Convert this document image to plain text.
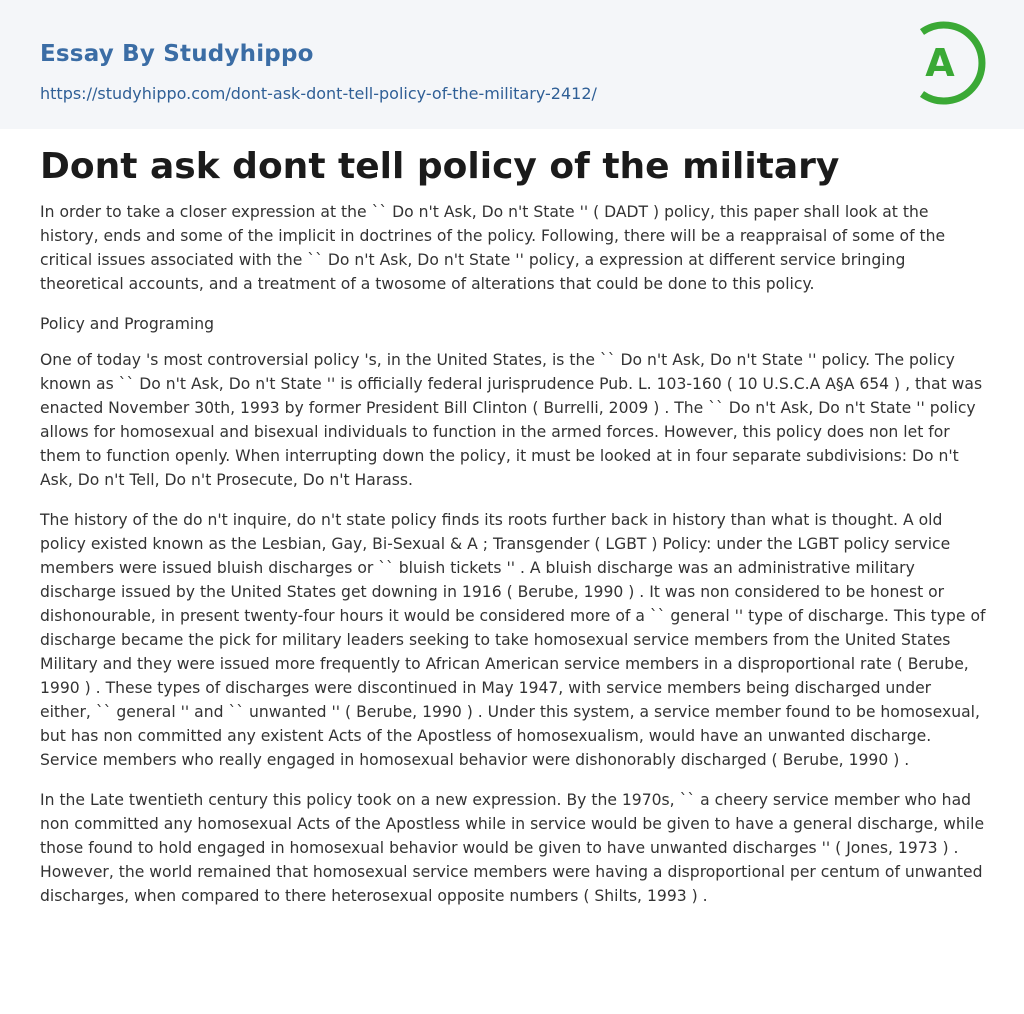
Essay By Studyhippo
https://studyhippo.com/dont-ask-dont-tell-policy-of-the-military-2412/
A
Dont ask dont tell policy of the military

In order to take a closer expression at the `` Do n't Ask, Do n't State '' ( DADT ) policy, this paper shall look at the history, ends and some of the implicit in doctrines of the policy. Following, there will be a reappraisal of some of the critical issues associated with the `` Do n't Ask, Do n't State '' policy, a expression at different service bringing theoretical accounts, and a treatment of a twosome of alterations that could be done to this policy.

Policy and Programing

One of today 's most controversial policy 's, in the United States, is the `` Do n't Ask, Do n't State '' policy. The policy known as `` Do n't Ask, Do n't State '' is officially federal jurisprudence Pub. L. 103-160 ( 10 U.S.C.A A§A 654 ) , that was enacted November 30th, 1993 by former President Bill Clinton ( Burrelli, 2009 ) . The `` Do n't Ask, Do n't State '' policy allows for homosexual and bisexual individuals to function in the armed forces. However, this policy does non let for them to function openly. When interrupting down the policy, it must be looked at in four separate subdivisions: Do n't Ask, Do n't Tell, Do n't Prosecute, Do n't Harass.

The history of the do n't inquire, do n't state policy finds its roots further back in history than what is thought. A old policy existed known as the Lesbian, Gay, Bi-Sexual & A ; Transgender ( LGBT ) Policy: under the LGBT policy service members were issued bluish discharges or `` bluish tickets '' . A bluish discharge was an administrative military discharge issued by the United States get downing in 1916 ( Berube, 1990 ) . It was non considered to be honest or dishonourable, in present twenty-four hours it would be considered more of a `` general '' type of discharge. This type of discharge became the pick for military leaders seeking to take homosexual service members from the United States Military and they were issued more frequently to African American service members in a disproportional rate ( Berube, 1990 ) . These types of discharges were discontinued in May 1947, with service members being discharged under either, `` general '' and `` unwanted '' ( Berube, 1990 ) . Under this system, a service member found to be homosexual, but has non committed any existent Acts of the Apostless of homosexualism, would have an unwanted discharge. Service members who really engaged in homosexual behavior were dishonorably discharged ( Berube, 1990 ) .

In the Late twentieth century this policy took on a new expression. By the 1970s, `` a cheery service member who had non committed any homosexual Acts of the Apostless while in service would be given to have a general discharge, while those found to hold engaged in homosexual behavior would be given to have unwanted discharges '' ( Jones, 1973 ) . However, the world remained that homosexual service members were having a disproportional per centum of unwanted discharges, when compared to there heterosexual opposite numbers ( Shilts, 1993 ) .
